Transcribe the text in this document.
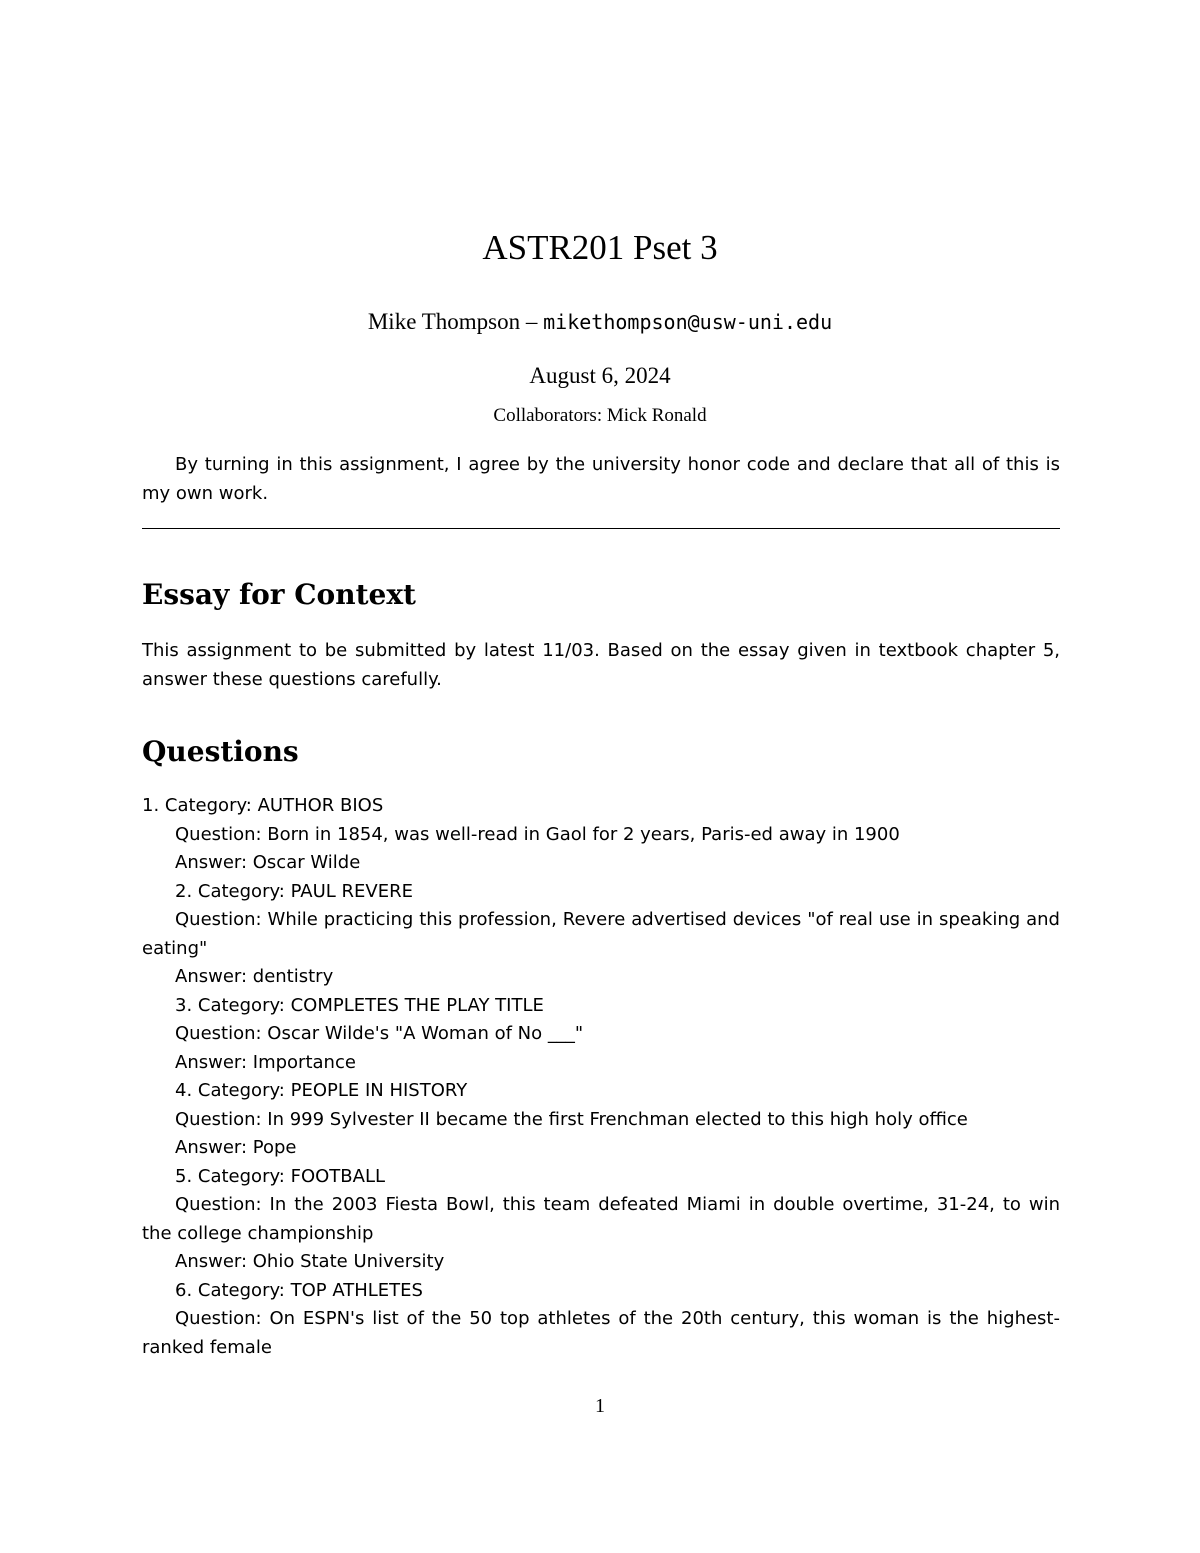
ASTR201 Pset 3
Mike Thompson – mikethompson@usw-uni.edu
August 6, 2024
Collaborators: Mick Ronald
By turning in this assignment, I agree by the university honor code and declare that all of this is my own work.
Essay for Context
This assignment to be submitted by latest 11/03. Based on the essay given in textbook chapter 5, answer these questions carefully.
Questions

1. Category: AUTHOR BIOS

Question: Born in 1854, was well-read in Gaol for 2 years, Paris-ed away in 1900

Answer: Oscar Wilde

2. Category: PAUL REVERE

Question: While practicing this profession, Revere advertised devices "of real use in speaking and eating"

Answer: dentistry

3. Category: COMPLETES THE PLAY TITLE

Question: Oscar Wilde's "A Woman of No ___"

Answer: Importance

4. Category: PEOPLE IN HISTORY

Question: In 999 Sylvester II became the first Frenchman elected to this high holy office

Answer: Pope

5. Category: FOOTBALL

Question: In the 2003 Fiesta Bowl, this team defeated Miami in double overtime, 31-24, to win the college championship

Answer: Ohio State University

6. Category: TOP ATHLETES

Question: On ESPN's list of the 50 top athletes of the 20th century, this woman is the highest-ranked female

1
